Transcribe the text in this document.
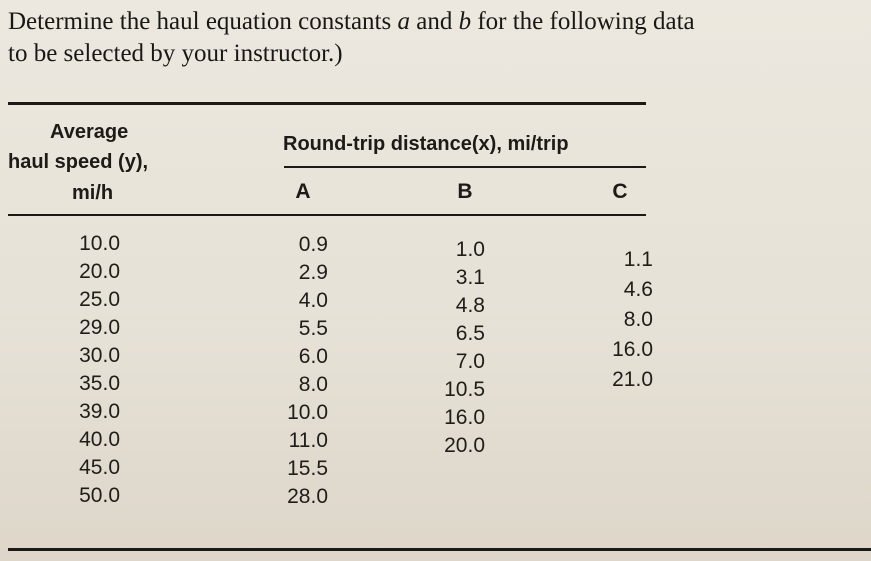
Determine the haul equation constants a and b for the following data
to be selected by your instructor.)
Average
haul speed (y),
mi/h
Round-trip distance(x), mi/trip
A	B	C
10.0
20.0
25.0
29.0
30.0
35.0
39.0
40.0
45.0
50.0
0.9
2.9
4.0
5.5
6.0
8.0
10.0
11.0
15.5
28.0
1.0
3.1
4.8
6.5
7.0
10.5
16.0
20.0
1.1
4.6
8.0
16.0
21.0
